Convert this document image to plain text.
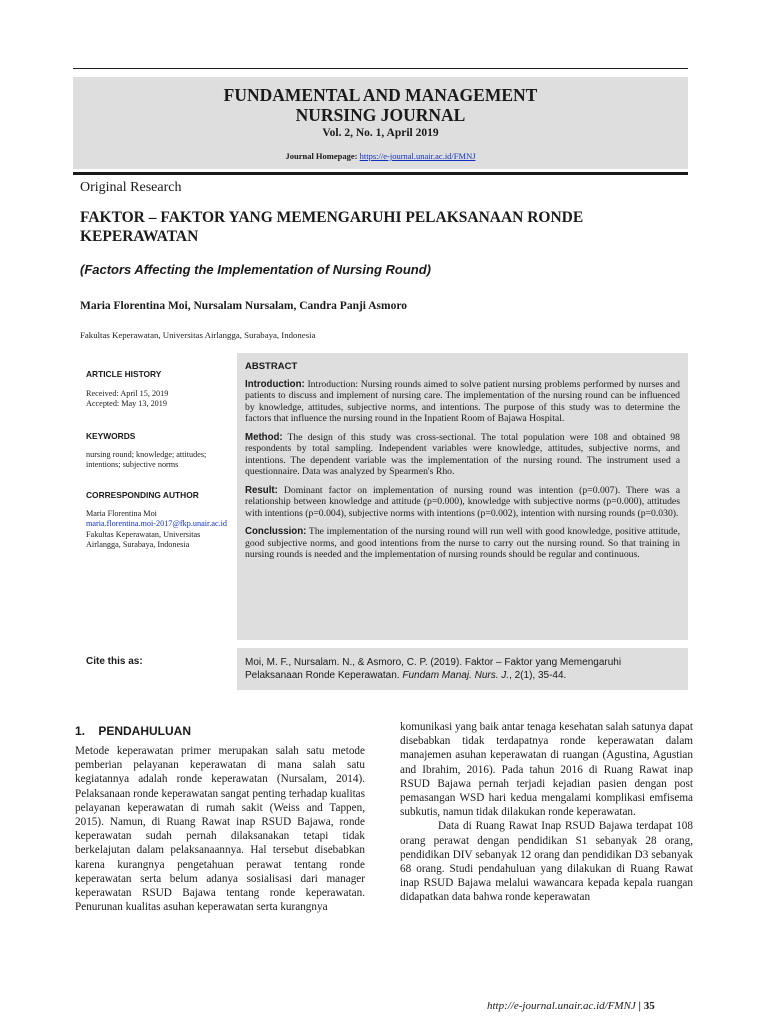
FUNDAMENTAL AND MANAGEMENT
NURSING JOURNAL
Vol. 2, No. 1, April 2019
Journal Homepage: https://e-journal.unair.ac.id/FMNJ
Original Research
FAKTOR – FAKTOR YANG MEMENGARUHI PELAKSANAAN RONDE KEPERAWATAN
(Factors Affecting the Implementation of Nursing Round)
Maria Florentina Moi, Nursalam Nursalam, Candra Panji Asmoro
Fakultas Keperawatan, Universitas Airlangga, Surabaya, Indonesia
ARTICLE HISTORY
Received: April 15, 2019
Accepted: May 13, 2019
KEYWORDS
nursing round; knowledge; attitudes; intentions; subjective norms
CORRESPONDING AUTHOR
Maria Florentina Moi
maria.florentina.moi-2017@fkp.unair.ac.id
Fakultas Keperawatan, Universitas Airlangga, Surabaya, Indonesia
ABSTRACT

Introduction: Introduction: Nursing rounds aimed to solve patient nursing problems performed by nurses and patients to discuss and implement of nursing care. The implementation of the nursing round can be influenced by knowledge, attitudes, subjective norms, and intentions. The purpose of this study was to determine the factors that influence the nursing round in the Inpatient Room of Bajawa Hospital.

Method: The design of this study was cross-sectional. The total population were 108 and obtained 98 respondents by total sampling. Independent variables were knowledge, attitudes, subjective norms, and intentions. The dependent variable was the implementation of the nursing round. The instrument used a questionnaire. Data was analyzed by Spearmen's Rho.

Result: Dominant factor on implementation of nursing round was intention (p=0.007). There was a relationship between knowledge and attitude (p=0.000), knowledge with subjective norms (p=0.000), attitudes with intentions (p=0.004), subjective norms with intentions (p=0.002), intention with nursing rounds (p=0.030).

Conclussion: The implementation of the nursing round will run well with good knowledge, positive attitude, good subjective norms, and good intentions from the nurse to carry out the nursing round. So that training in nursing rounds is needed and the implementation of nursing rounds should be regular and continuous.

Cite this as:	Moi, M. F., Nursalam. N., & Asmoro, C. P. (2019). Faktor – Faktor yang Memengaruhi Pelaksanaan Ronde Keperawatan. Fundam Manaj. Nurs. J., 2(1), 35-44.
1.    PENDAHULUAN

Metode keperawatan primer merupakan salah satu metode pemberian pelayanan keperawatan di mana salah satu kegiatannya adalah ronde keperawatan (Nursalam, 2014). Pelaksanaan ronde keperawatan sangat penting terhadap kualitas pelayanan keperawatan di rumah sakit (Weiss and Tappen, 2015). Namun, di Ruang Rawat inap RSUD Bajawa, ronde keperawatan sudah pernah dilaksanakan tetapi tidak berkelajutan dalam pelaksanaannya. Hal tersebut disebabkan karena kurangnya pengetahuan perawat tentang ronde keperawatan serta belum adanya sosialisasi dari manager keperawatan RSUD Bajawa tentang ronde keperawatan. Penurunan kualitas asuhan keperawatan serta kurangnya

komunikasi yang baik antar tenaga kesehatan salah satunya dapat disebabkan tidak terdapatnya ronde keperawatan dalam manajemen asuhan keperawatan di ruangan (Agustina, Agustian and Ibrahim, 2016). Pada tahun 2016 di Ruang Rawat inap RSUD Bajawa pernah terjadi kejadian pasien dengan post pemasangan WSD hari kedua mengalami komplikasi emfisema subkutis, namun tidak dilakukan ronde keperawatan.

Data di Ruang Rawat Inap RSUD Bajawa terdapat 108 orang perawat dengan pendidikan S1 sebanyak 28 orang, pendidikan DIV sebanyak 12 orang dan pendidikan D3 sebanyak 68 orang. Studi pendahuluan yang dilakukan di Ruang Rawat inap RSUD Bajawa melalui wawancara kepada kepala ruangan didapatkan data bahwa ronde keperawatan

http://e-journal.unair.ac.id/FMNJ | 35
